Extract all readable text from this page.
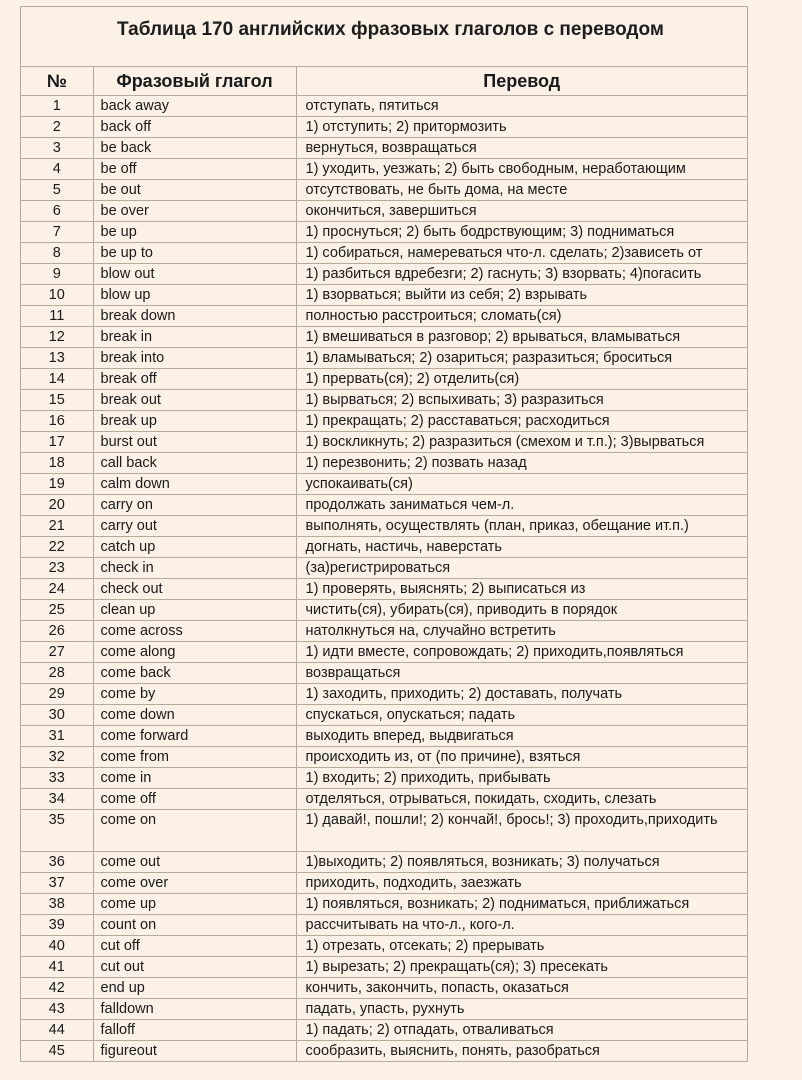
Таблица 170 английских фразовых глаголов с переводом
№	Фразовый глагол	Перевод
1	back away	отступать, пятиться
2	back off	1) отступить; 2) притормозить
3	be back	вернуться, возвращаться
4	be off	1) уходить, уезжать; 2) быть свободным, неработающим
5	be out	отсутствовать, не быть дома, на месте
6	be over	окончиться, завершиться
7	be up	1) проснуться; 2) быть бодрствующим; 3) подниматься
8	be up to	1) собираться, намереваться что-л. сделать; 2)зависеть от
9	blow out	1) разбиться вдребезги; 2) гаснуть; 3) взорвать; 4)погасить
10	blow up	1) взорваться; выйти из себя; 2) взрывать
11	break down	полностью расстроиться; сломать(ся)
12	break in	1) вмешиваться в разговор; 2) врываться, вламываться
13	break into	1) вламываться; 2) озариться; разразиться; броситься
14	break off	1) прервать(ся); 2) отделить(ся)
15	break out	1) вырваться; 2) вспыхивать; 3) разразиться
16	break up	1) прекращать; 2) расставаться; расходиться
17	burst out	1) воскликнуть; 2) разразиться (смехом и т.п.); 3)вырваться
18	call back	1) перезвонить; 2) позвать назад
19	calm down	успокаивать(ся)
20	carry on	продолжать заниматься чем-л.
21	carry out	выполнять, осуществлять (план, приказ, обещание ит.п.)
22	catch up	догнать, настичь, наверстать
23	check in	(за)регистрироваться
24	check out	1) проверять, выяснять; 2) выписаться из
25	clean up	чистить(ся), убирать(ся), приводить в порядок
26	come across	натолкнуться на, случайно встретить
27	come along	1) идти вместе, сопровождать; 2) приходить,появляться
28	come back	возвращаться
29	come by	1) заходить, приходить; 2) доставать, получать
30	come down	спускаться, опускаться; падать
31	come forward	выходить вперед, выдвигаться
32	come from	происходить из, от (по причине), взяться
33	come in	1) входить; 2) приходить, прибывать
34	come off	отделяться, отрываться, покидать, сходить, слезать
35	come on	1) давай!, пошли!; 2) кончай!, брось!; 3) проходить,приходить
36	come out	1)выходить; 2) появляться, возникать; 3) получаться
37	come over	приходить, подходить, заезжать
38	come up	1) появляться, возникать; 2) подниматься, приближаться
39	count on	рассчитывать на что-л., кого-л.
40	cut off	1) отрезать, отсекать; 2) прерывать
41	cut out	1) вырезать; 2) прекращать(ся); 3) пресекать
42	end up	кончить, закончить, попасть, оказаться
43	falldown	падать, упасть, рухнуть
44	falloff	1) падать; 2) отпадать, отваливаться
45	figureout	сообразить, выяснить, понять, разобраться
